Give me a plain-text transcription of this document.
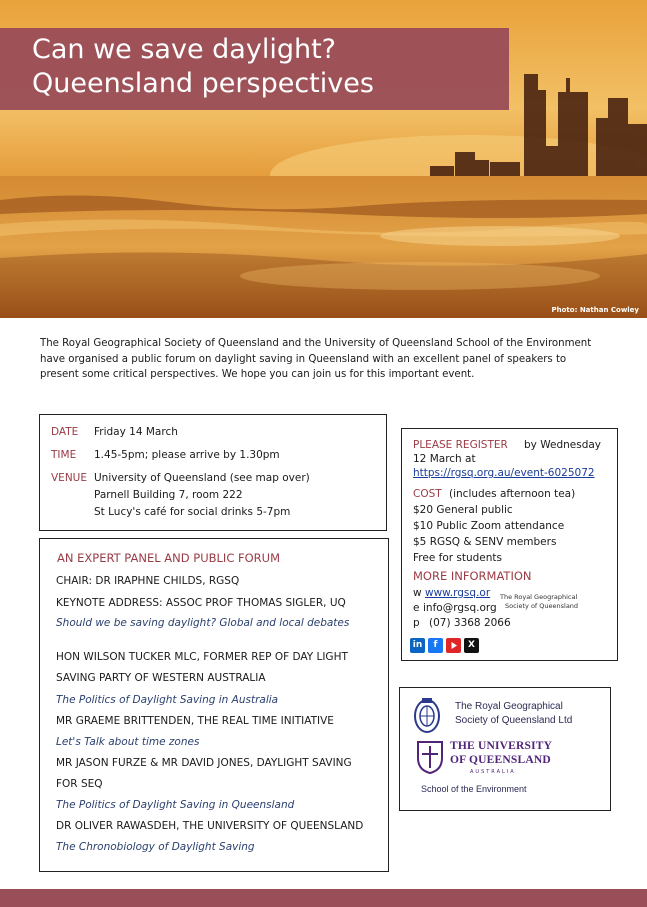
Can we save daylight?
Queensland perspectives
Photo: Nathan Cowley
The Royal Geographical Society of Queensland and the University of Queensland School of the Environment have organised a public forum on daylight saving in Queensland with an excellent panel of speakers to present some critical perspectives. We hope you can join us for this important event.
DATE Friday 14 March
TIME 1.45-5pm; please arrive by 1.30pm
VENUE University of Queensland (see map over)
Parnell Building 7, room 222
St Lucy's café for social drinks 5-7pm
AN EXPERT PANEL AND PUBLIC FORUM
CHAIR: DR IRAPHNE CHILDS, RGSQ
KEYNOTE ADDRESS: ASSOC PROF THOMAS SIGLER, UQ
Should we be saving daylight? Global and local debates
HON WILSON TUCKER MLC, FORMER REP OF DAY LIGHT
SAVING PARTY OF WESTERN AUSTRALIA
The Politics of Daylight Saving in Australia
MR GRAEME BRITTENDEN, THE REAL TIME INITIATIVE
Let's Talk about time zones
MR JASON FURZE & MR DAVID JONES, DAYLIGHT SAVING
FOR SEQ
The Politics of Daylight Saving in Queensland
DR OLIVER RAWASDEH, THE UNIVERSITY OF QUEENSLAND
The Chronobiology of Daylight Saving
PLEASE REGISTER by Wednesday
12 March at
https://rgsq.org.au/event-6025072
COST (includes afternoon tea)
$20 General public
$10 Public Zoom attendance
$5 RGSQ & SENV members
Free for students
MORE INFORMATION
w www.rgsq.or
e info@rgsq.org
p (07) 3368 2066
The Royal Geographical
Society of Queensland
in	f	X
The Royal Geographical
Society of Queensland Ltd
THE UNIVERSITY
OF QUEENSLAND
AUSTRALIA
School of the Environment
